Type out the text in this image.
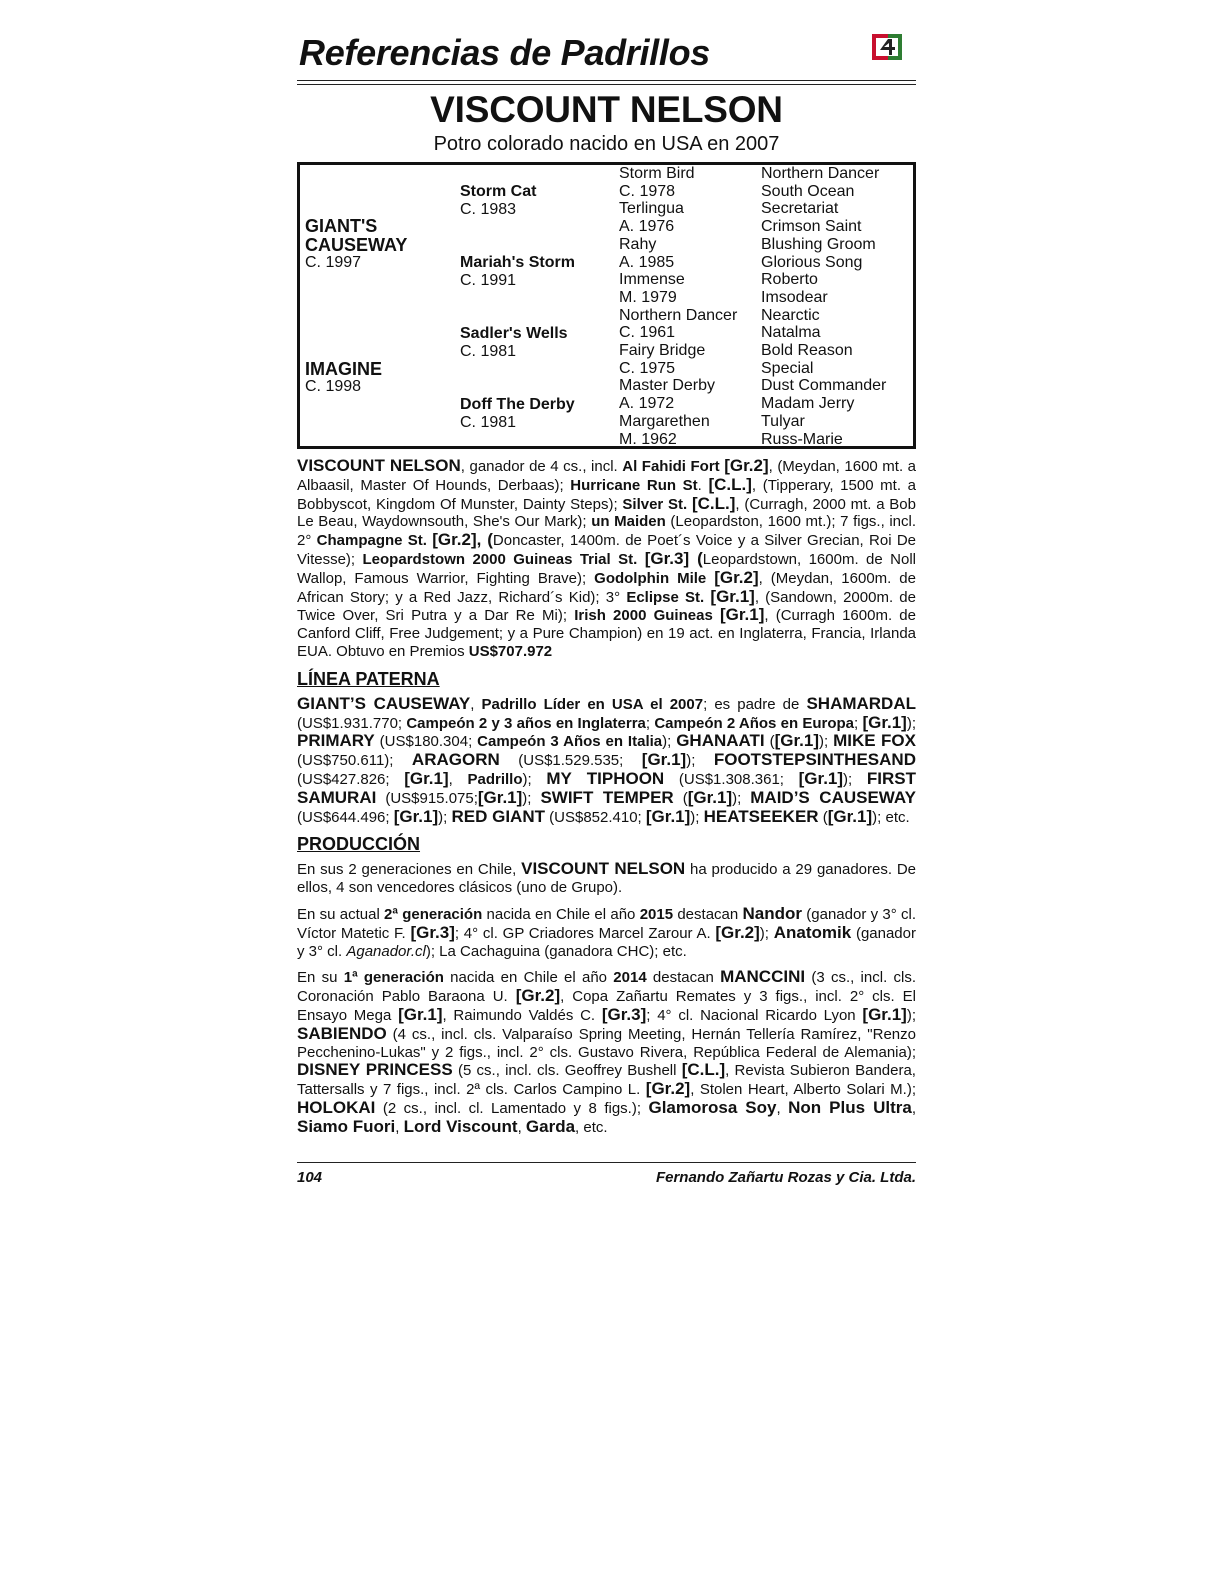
Referencias de Padrillos
VISCOUNT NELSON
Potro colorado nacido en USA en 2007
GIANT'S
CAUSEWAY
C. 1997
IMAGINE
C. 1998
Storm Cat
C. 1983
Mariah's Storm
C. 1991
Sadler's Wells
C. 1981
Doff The Derby
C. 1981
Storm Bird
C. 1978
Terlingua
A. 1976
Rahy
A. 1985
Immense
M. 1979
Northern Dancer
C. 1961
Fairy Bridge
C. 1975
Master Derby
A. 1972
Margarethen
M. 1962
Northern Dancer
South Ocean
Secretariat
Crimson Saint
Blushing Groom
Glorious Song
Roberto
Imsodear
Nearctic
Natalma
Bold Reason
Special
Dust Commander
Madam Jerry
Tulyar
Russ-Marie
VISCOUNT NELSON, ganador de 4 cs., incl. Al Fahidi Fort [Gr.2], (Meydan, 1600 mt. a Albaasil, Master Of Hounds, Derbaas); Hurricane Run St. [C.L.], (Tipperary, 1500 mt. a Bobbyscot, Kingdom Of Munster, Dainty Steps); Silver St. [C.L.], (Curragh, 2000 mt. a Bob Le Beau, Waydownsouth, She's Our Mark); un Maiden (Leopardston, 1600 mt.); 7 figs., incl. 2° Champagne St. [Gr.2], (Doncaster, 1400m. de Poet´s Voice y a Silver Grecian, Roi De Vitesse); Leopardstown 2000 Guineas Trial St. [Gr.3] (Leopardstown, 1600m. de Noll Wallop, Famous Warrior, Fighting Brave); Godolphin Mile [Gr.2], (Meydan, 1600m. de African Story; y a Red Jazz, Richard´s Kid); 3° Eclipse St. [Gr.1], (Sandown, 2000m. de Twice Over, Sri Putra y a Dar Re Mi); Irish 2000 Guineas [Gr.1], (Curragh 1600m. de Canford Cliff, Free Judgement; y a Pure Champion) en 19 act. en Inglaterra, Francia, Irlanda EUA. Obtuvo en Premios US$707.972
LÍNEA PATERNA
GIANT’S CAUSEWAY, Padrillo Líder en USA el 2007; es padre de SHAMARDAL (US$1.931.770; Campeón 2 y 3 años en Inglaterra; Campeón 2 Años en Europa; [Gr.1]); PRIMARY (US$180.304; Campeón 3 Años en Italia); GHANAATI ([Gr.1]); MIKE FOX (US$750.611); ARAGORN (US$1.529.535; [Gr.1]); FOOTSTEPSINTHESAND (US$427.826; [Gr.1], Padrillo); MY TIPHOON (US$1.308.361; [Gr.1]); FIRST SAMURAI (US$915.075;[Gr.1]); SWIFT TEMPER ([Gr.1]); MAID’S CAUSEWAY (US$644.496; [Gr.1]); RED GIANT (US$852.410; [Gr.1]); HEATSEEKER ([Gr.1]); etc.
PRODUCCIÓN
En sus 2 generaciones en Chile, VISCOUNT NELSON ha producido a 29 ganadores. De ellos, 4 son vencedores clásicos (uno de Grupo).
En su actual 2ª generación nacida en Chile el año 2015 destacan Nandor (ganador y 3° cl. Víctor Matetic F. [Gr.3]; 4° cl. GP Criadores Marcel Zarour A. [Gr.2]); Anatomik (ganador y 3° cl. Aganador.cl); La Cachaguina (ganadora CHC); etc.
En su 1ª generación nacida en Chile el año 2014 destacan MANCCINI (3 cs., incl. cls. Coronación Pablo Baraona U. [Gr.2], Copa Zañartu Remates y 3 figs., incl. 2° cls. El Ensayo Mega [Gr.1], Raimundo Valdés C. [Gr.3]; 4° cl. Nacional Ricardo Lyon [Gr.1]); SABIENDO (4 cs., incl. cls. Valparaíso Spring Meeting, Hernán Tellería Ramírez, "Renzo Pecchenino-Lukas" y 2 figs., incl. 2° cls. Gustavo Rivera, República Federal de Alemania); DISNEY PRINCESS (5 cs., incl. cls. Geoffrey Bushell [C.L.], Revista Subieron Bandera, Tattersalls y 7 figs., incl. 2ª cls. Carlos Campino L. [Gr.2], Stolen Heart, Alberto Solari M.); HOLOKAI (2 cs., incl. cl. Lamentado y 8 figs.); Glamorosa Soy, Non Plus Ultra, Siamo Fuori, Lord Viscount, Garda, etc.
104	Fernando Zañartu Rozas y Cia. Ltda.
